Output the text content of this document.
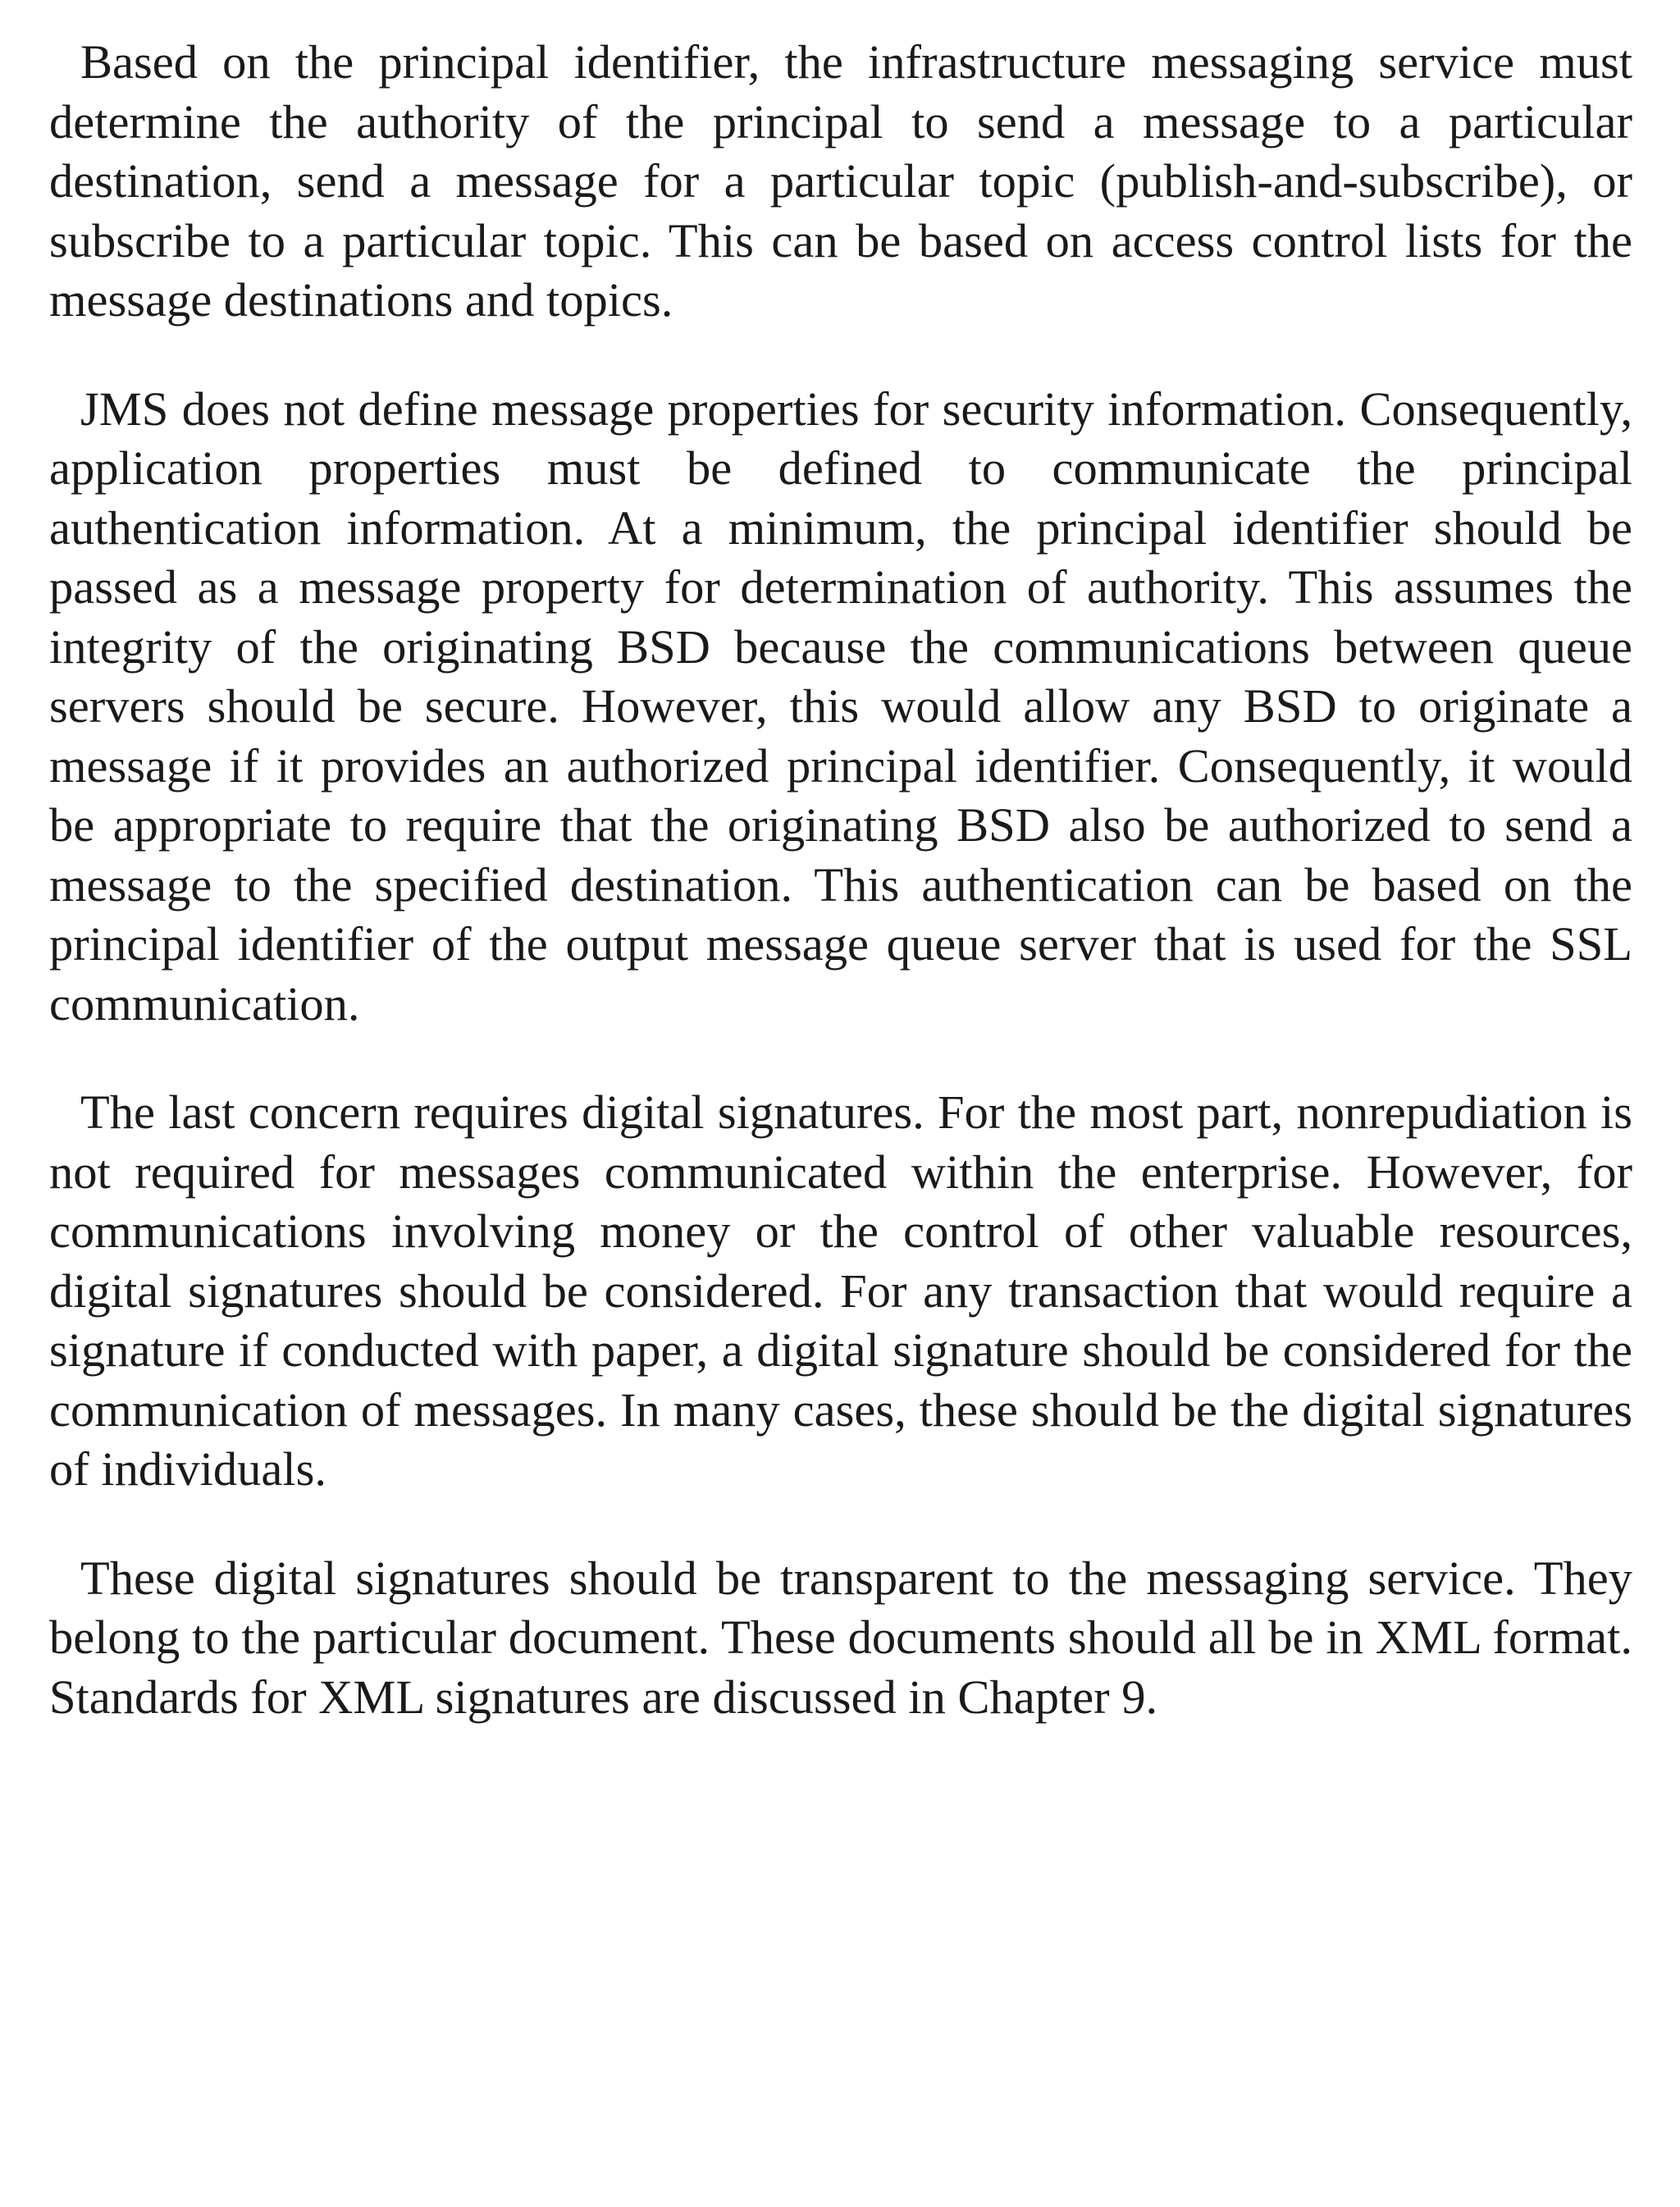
Based on the principal identifier, the infrastructure messaging service must determine the authority of the principal to send a message to a particular destination, send a message for a particular topic (publish-and-subscribe), or subscribe to a particular topic. This can be based on access control lists for the message destinations and topics.

JMS does not define message properties for security information. Consequently, application properties must be defined to communicate the principal authentication information. At a minimum, the principal identifier should be passed as a message property for determination of authority. This assumes the integrity of the originating BSD because the communications between queue servers should be secure. However, this would allow any BSD to originate a message if it provides an authorized principal identifier. Consequently, it would be appropriate to require that the originating BSD also be authorized to send a message to the specified destination. This authentication can be based on the principal identifier of the output message queue server that is used for the SSL communication.

The last concern requires digital signatures. For the most part, nonrepudiation is not required for messages communicated within the enterprise. However, for communications involving money or the control of other valuable resources, digital signatures should be considered. For any transaction that would require a signature if conducted with paper, a digital signature should be considered for the communication of messages. In many cases, these should be the digital signatures of individuals.

These digital signatures should be transparent to the messaging service. They belong to the particular document. These documents should all be in XML format. Standards for XML signatures are discussed in Chapter 9.
